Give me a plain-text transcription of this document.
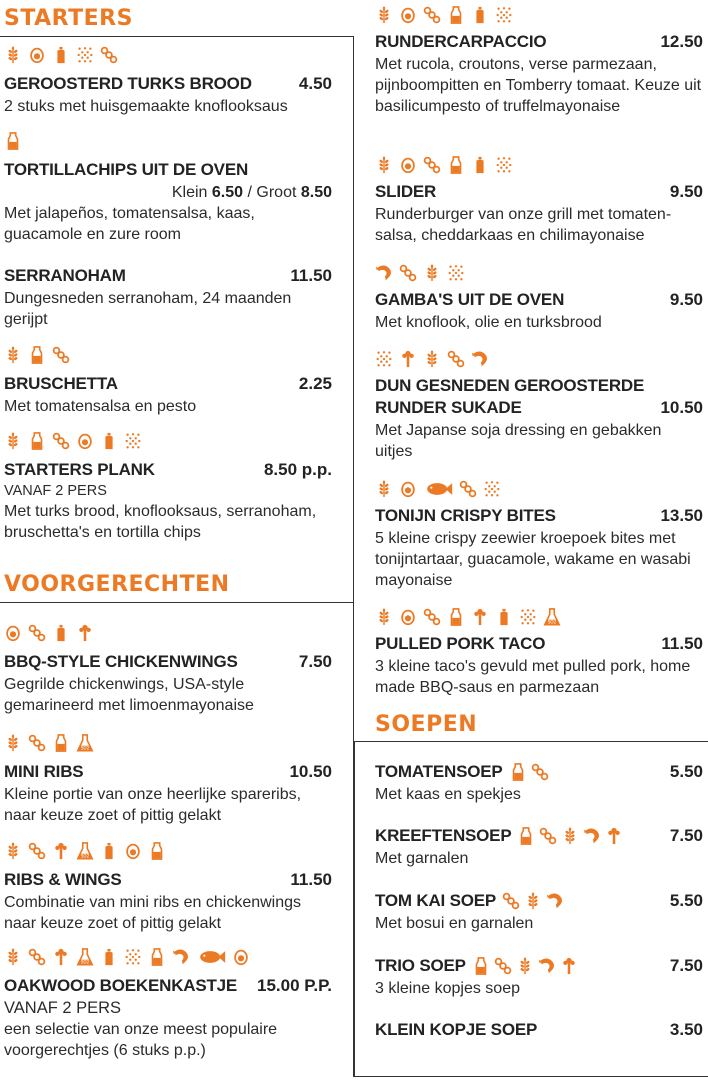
STARTERS
GEROOSTERD TURKS BROOD	4.50
2 stuks met huisgemaakte knoflooksaus
TORTILLACHIPS UIT DE OVEN
Klein 6.50 / Groot 8.50
Met jalapeños, tomatensalsa, kaas, guacamole en zure room
SERRANOHAM	11.50
Dungesneden serranoham, 24 maanden gerijpt
BRUSCHETTA	2.25
Met tomatensalsa en pesto
STARTERS PLANK	8.50 p.p.
VANAF 2 PERS
Met turks brood, knoflooksaus, serranoham, bruschetta's en tortilla chips
VOORGERECHTEN
BBQ-STYLE CHICKENWINGS	7.50
Gegrilde chickenwings, USA-style gemarineerd met limoenmayonaise
SO2
MINI RIBS	10.50
Kleine portie van onze heerlijke spareribs, naar keuze zoet of pittig gelakt
SO2
RIBS & WINGS	11.50
Combinatie van mini ribs en chickenwings naar keuze zoet of pittig gelakt
SO2
OAKWOOD BOEKENKASTJE 15.00 P.P.
VANAF 2 PERS
een selectie van onze meest populaire voorgerechtjes (6 stuks p.p.)
RUNDERCARPACCIO	12.50
Met rucola, croutons, verse parmezaan, pijnboompitten en Tomberry tomaat. Keuze uit basilicumpesto of truffelmayonaise
SLIDER	9.50
Runderburger van onze grill met tomaten-salsa, cheddarkaas en chilimayonaise
GAMBA'S UIT DE OVEN	9.50
Met knoflook, olie en turksbrood
DUN GESNEDEN GEROOSTERDE
RUNDER SUKADE	10.50
Met Japanse soja dressing en gebakken uitjes
TONIJN CRISPY BITES	13.50
5 kleine crispy zeewier kroepoek bites met tonijntartaar, guacamole, wakame en wasabi mayonaise
SO2
PULLED PORK TACO	11.50
3 kleine taco's gevuld met pulled pork, home made BBQ-saus en parmezaan
SOEPEN
TOMATENSOEP	5.50
Met kaas en spekjes
KREEFTENSOEP	7.50
Met garnalen
TOM KAI SOEP	5.50
Met bosui en garnalen
TRIO SOEP	7.50
3 kleine kopjes soep
KLEIN KOPJE SOEP	3.50
